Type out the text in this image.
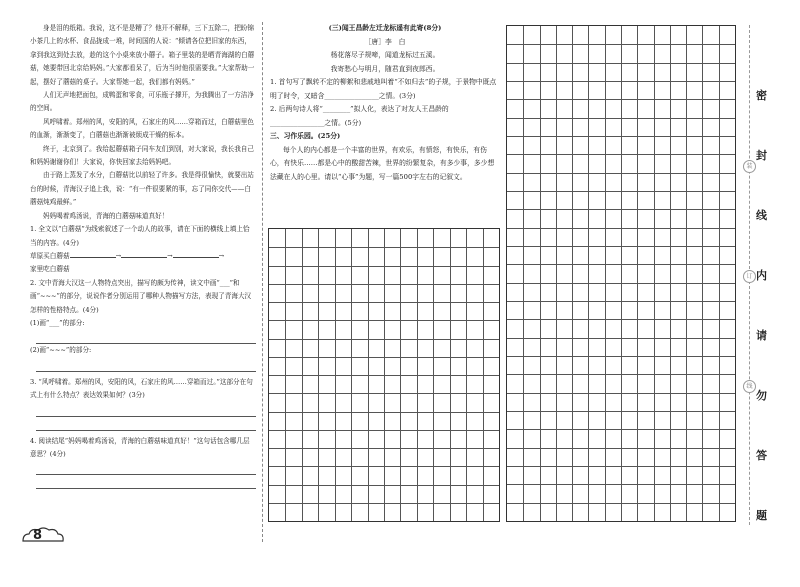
身是泪的纸箱。我说，这不是是糟了？他开不解释，三下五除二，把盼锦小茶几上的水杯、食品拢成一堆，时间国的人说：“倾请各位把旧家的东西，拿到我这到处去放，趁的这个小桌来放小蘑子。箱子里装的是晒青海湖的白蘑菇，她要带回北京给妈妈。”大家都看呆了，后为当时他很需要我。”大家帮助一起，摆好了蘑菇的桌子。大家帮她一起，我们都有妈妈。”

人们无声地把面包，成鸭蛋和零食，可乐瓶子撑开，为我腾出了一方洁净的空间。

风呼啸着。郑州的风，安阳的风，石家庄的风……穿箱而过，白蘑菇里色的血渐，渐渐变了，白蘑菇也渐渐被烦成干燥的标本。

终于，北京到了。我给起蘑菇箱子同车友们到别，对大家说，我长我自己和妈妈谢谢你们！大家说，你快回家去给妈妈吧。

由于路上蒸发了水分，白蘑菇比以前轻了许多。我是得很愉快，就要出站台的时候，青海汉子追上我，说：“有一件很要紧的事，忘了同你交代——白蘑菇炖鸡最鲜。”

妈妈喝着鸡汤说，青海的白蘑菇味道真好！

1. 全文以“白蘑菇”为线索叙述了一个动人的故事，请在下面的横线上填上恰当的内容。(4分)

草原买白蘑菇	→	→	→

家里吃白蘑菇

2. 文中青海大汉这一人物特点突出，描写的颇为传神，读文中画“___”和画“~~~”的部分，说说作者分别运用了哪种人物描写方法，表现了青海大汉怎样的性格特点。(4分)

(1)画“___”的部分:

(2)画“~~~”的部分:

3. “风呼啸着。郑州的风，安阳的风，石家庄的风……穿箱而过。”这部分在句式上有什么特点？表达效果如何？(3分)

4. 阅读结尾“妈妈喝着鸡汤说，青海的白蘑菇味道真好！”这句话包含哪几层意思？(4分)

(三)闻王昌龄左迁龙标遥有此寄(8分)
［唐］李　白
杨花落尽子规啼，闻道龙标过五溪。
我寄愁心与明月，随君直到夜郎西。

1. 首句写了飘转不定的柳絮和悲戚地叫着“不如归去”的子规，于景物中既点明了时令，又暗含________________之情。(3分)

2. 后两句诗人将“________”拟人化，表达了对友人王昌龄的________________之情。(5分)

三、习作乐园。(25分)

每个人的内心都是一个丰富的世界，有欢乐，有愤怒，有快乐，有伤心，有快乐……都是心中的酸甜苦辣，世界的纷繁复杂，有多少事，多少想法藏在人的心里。请以“心事”为题，写一篇500字左右的记叙文。

密
封
线
内
请
勿
答
题
装
订
线
8
